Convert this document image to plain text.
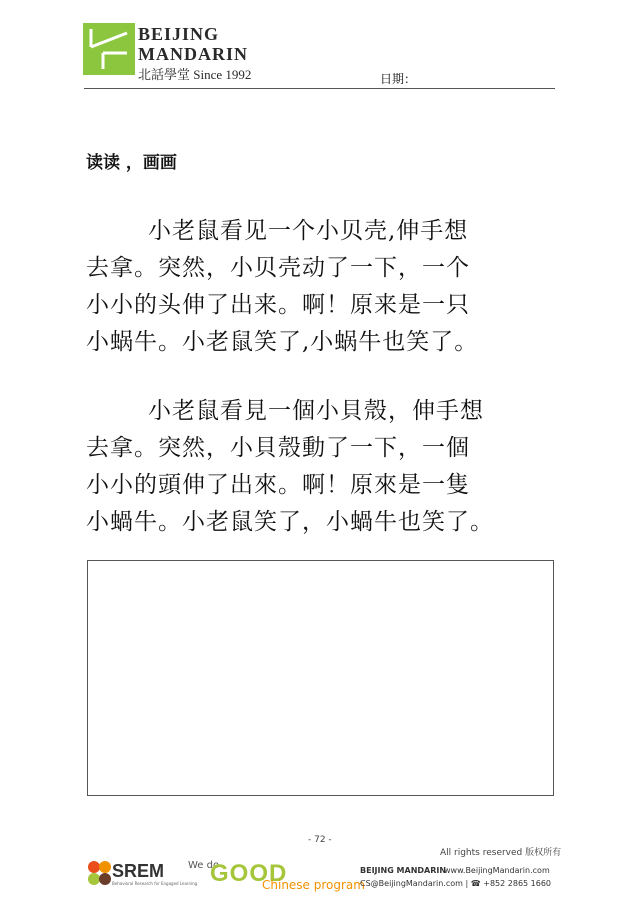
BEIJING
MANDARIN
北話學堂 Since 1992	日期：
读读 ，画画

小老鼠看见一个小贝壳,伸手想

去拿。突然，小贝壳动了一下，一个

小小的头伸了出来。啊！原来是一只

小蜗牛。小老鼠笑了,小蜗牛也笑了。

小老鼠看見一個小貝殼，伸手想

去拿。突然，小貝殼動了一下，一個

小小的頭伸了出來。啊！原來是一隻

小蝸牛。小老鼠笑了，小蝸牛也笑了。

- 72 -
All rights reserved 版权所有
SREM
Behavioral Research for Engaged Learning
We do
GOOD
Chinese program
BEIJING MANDARIN
www.BeijingMandarin.com
CS@BeijingMandarin.com | ☎ +852 2865 1660
